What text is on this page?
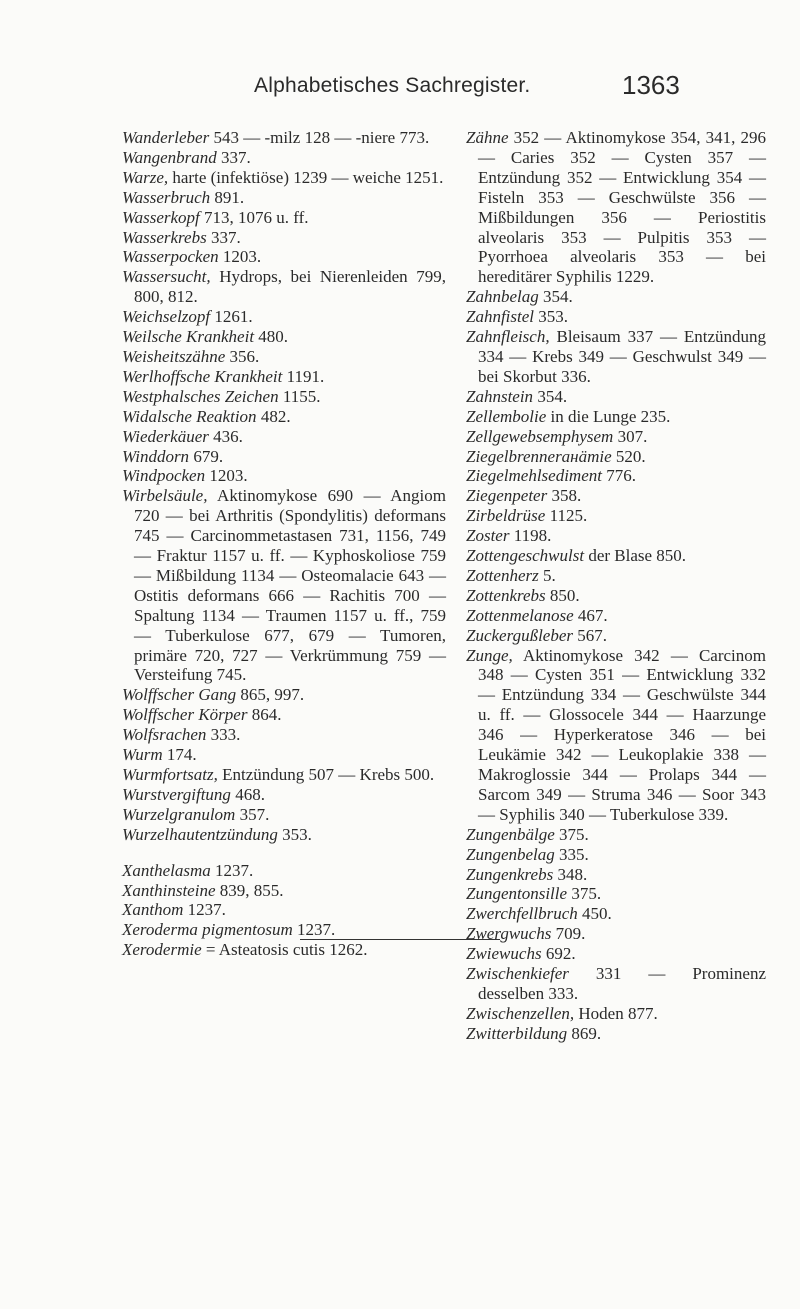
Alphabetisches Sachregister.	1363

Wanderleber 543 — -milz 128 — -niere 773.

Wangenbrand 337.

Warze, harte (infektiöse) 1239 — weiche 1251.

Wasserbruch 891.

Wasserkopf 713, 1076 u. ff.

Wasserkrebs 337.

Wasserpocken 1203.

Wassersucht, Hydrops, bei Nierenleiden 799, 800, 812.

Weichselzopf 1261.

Weilsche Krankheit 480.

Weisheitszähne 356.

Werlhoffsche Krankheit 1191.

Westphalsches Zeichen 1155.

Widalsche Reaktion 482.

Wiederkäuer 436.

Winddorn 679.

Windpocken 1203.

Wirbelsäule, Aktinomykose 690 — Angiom 720 — bei Arthritis (Spondylitis) deformans 745 — Carcinommetastasen 731, 1156, 749 — Fraktur 1157 u. ff. — Kyphoskoliose 759 — Mißbildung 1134 — Osteomalacie 643 — Ostitis deformans 666 — Rachitis 700 — Spaltung 1134 — Traumen 1157 u. ff., 759 — Tuberkulose 677, 679 — Tumoren, primäre 720, 727 — Verkrümmung 759 — Versteifung 745.

Wolffscher Gang 865, 997.

Wolffscher Körper 864.

Wolfsrachen 333.

Wurm 174.

Wurmfortsatz, Entzündung 507 — Krebs 500.

Wurstvergiftung 468.

Wurzelgranulom 357.

Wurzelhautentzündung 353.

Xanthelasma 1237.

Xanthinsteine 839, 855.

Xanthom 1237.

Xeroderma pigmentosum 1237.

Xerodermie = Asteatosis cutis 1262.

Zähne 352 — Aktinomykose 354, 341, 296 — Caries 352 — Cysten 357 — Entzündung 352 — Entwicklung 354 — Fisteln 353 — Geschwülste 356 — Mißbildungen 356 — Periostitis alveolaris 353 — Pulpitis 353 — Pyorrhoea alveolaris 353 — bei hereditärer Syphilis 1229.

Zahnbelag 354.

Zahnfistel 353.

Zahnfleisch, Bleisaum 337 — Entzündung 334 — Krebs 349 — Geschwulst 349 — bei Skorbut 336.

Zahnstein 354.

Zellembolie in die Lunge 235.

Zellgewebsemphysem 307.

Ziegelbrennerанämie 520.

Ziegelmehlsediment 776.

Ziegenpeter 358.

Zirbeldrüse 1125.

Zoster 1198.

Zottengeschwulst der Blase 850.

Zottenherz 5.

Zottenkrebs 850.

Zottenmelanose 467.

Zuckergußleber 567.

Zunge, Aktinomykose 342 — Carcinom 348 — Cysten 351 — Entwicklung 332 — Entzündung 334 — Geschwülste 344 u. ff. — Glossocele 344 — Haarzunge 346 — Hyperkeratose 346 — bei Leukämie 342 — Leukoplakie 338 — Makroglossie 344 — Prolaps 344 — Sarcom 349 — Struma 346 — Soor 343 — Syphilis 340 — Tuberkulose 339.

Zungenbälge 375.

Zungenbelag 335.

Zungenkrebs 348.

Zungentonsille 375.

Zwerchfellbruch 450.

Zwergwuchs 709.

Zwiewuchs 692.

Zwischenkiefer 331 — Prominenz desselben 333.

Zwischenzellen, Hoden 877.

Zwitterbildung 869.
